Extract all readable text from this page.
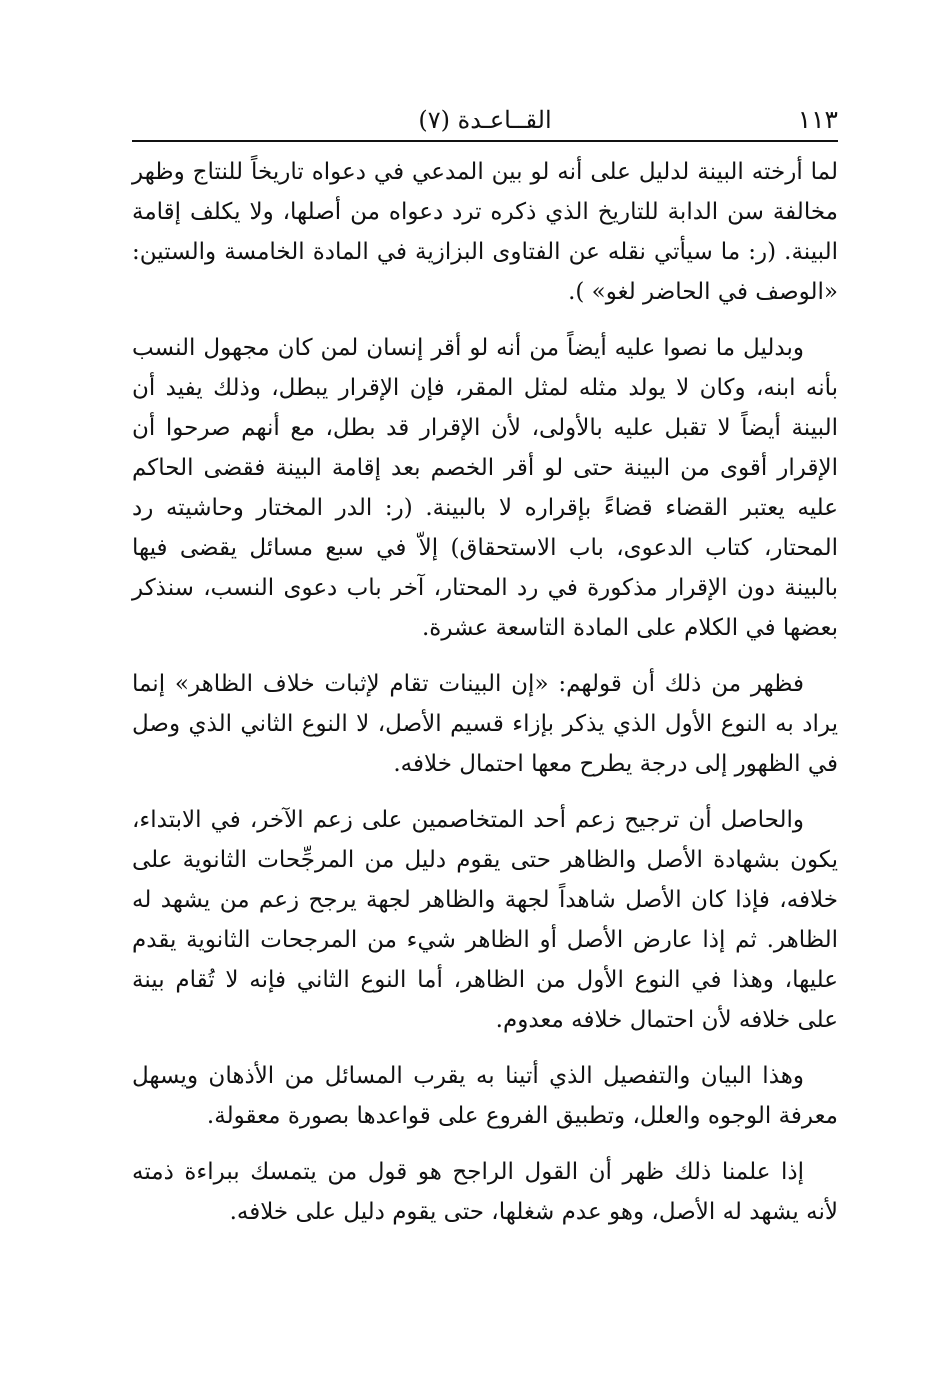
١١٣
القــاعـدة (٧)

لما أرخته البينة لدليل على أنه لو بين المدعي في دعواه تاريخاً للنتاج وظهر مخالفة سن الدابة للتاريخ الذي ذكره ترد دعواه من أصلها، ولا يكلف إقامة البينة. (ر: ما سيأتي نقله عن الفتاوى البزازية في المادة الخامسة والستين: «الوصف في الحاضر لغو» ).

وبدليل ما نصوا عليه أيضاً من أنه لو أقر إنسان لمن كان مجهول النسب بأنه ابنه، وكان لا يولد مثله لمثل المقر، فإن الإقرار يبطل، وذلك يفيد أن البينة أيضاً لا تقبل عليه بالأولى، لأن الإقرار قد بطل، مع أنهم صرحوا أن الإقرار أقوى من البينة حتى لو أقر الخصم بعد إقامة البينة فقضى الحاكم عليه يعتبر القضاء قضاءً بإقراره لا بالبينة. (ر: الدر المختار وحاشيته رد المحتار، كتاب الدعوى، باب الاستحقاق) إلاّ في سبع مسائل يقضى فيها بالبينة دون الإقرار مذكورة في رد المحتار، آخر باب دعوى النسب، سنذكر بعضها في الكلام على المادة التاسعة عشرة.

فظهر من ذلك أن قولهم: «إن البينات تقام لإثبات خلاف الظاهر» إنما يراد به النوع الأول الذي يذكر بإزاء قسيم الأصل، لا النوع الثاني الذي وصل في الظهور إلى درجة يطرح معها احتمال خلافه.

والحاصل أن ترجيح زعم أحد المتخاصمين على زعم الآخر، في الابتداء، يكون بشهادة الأصل والظاهر حتى يقوم دليل من المرجِّحات الثانوية على خلافه، فإذا كان الأصل شاهداً لجهة والظاهر لجهة يرجح زعم من يشهد له الظاهر. ثم إذا عارض الأصل أو الظاهر شيء من المرجحات الثانوية يقدم عليها، وهذا في النوع الأول من الظاهر، أما النوع الثاني فإنه لا تُقام بينة على خلافه لأن احتمال خلافه معدوم.

وهذا البيان والتفصيل الذي أتينا به يقرب المسائل من الأذهان ويسهل معرفة الوجوه والعلل، وتطبيق الفروع على قواعدها بصورة معقولة.

إذا علمنا ذلك ظهر أن القول الراجح هو قول من يتمسك ببراءة ذمته لأنه يشهد له الأصل، وهو عدم شغلها، حتى يقوم دليل على خلافه.
